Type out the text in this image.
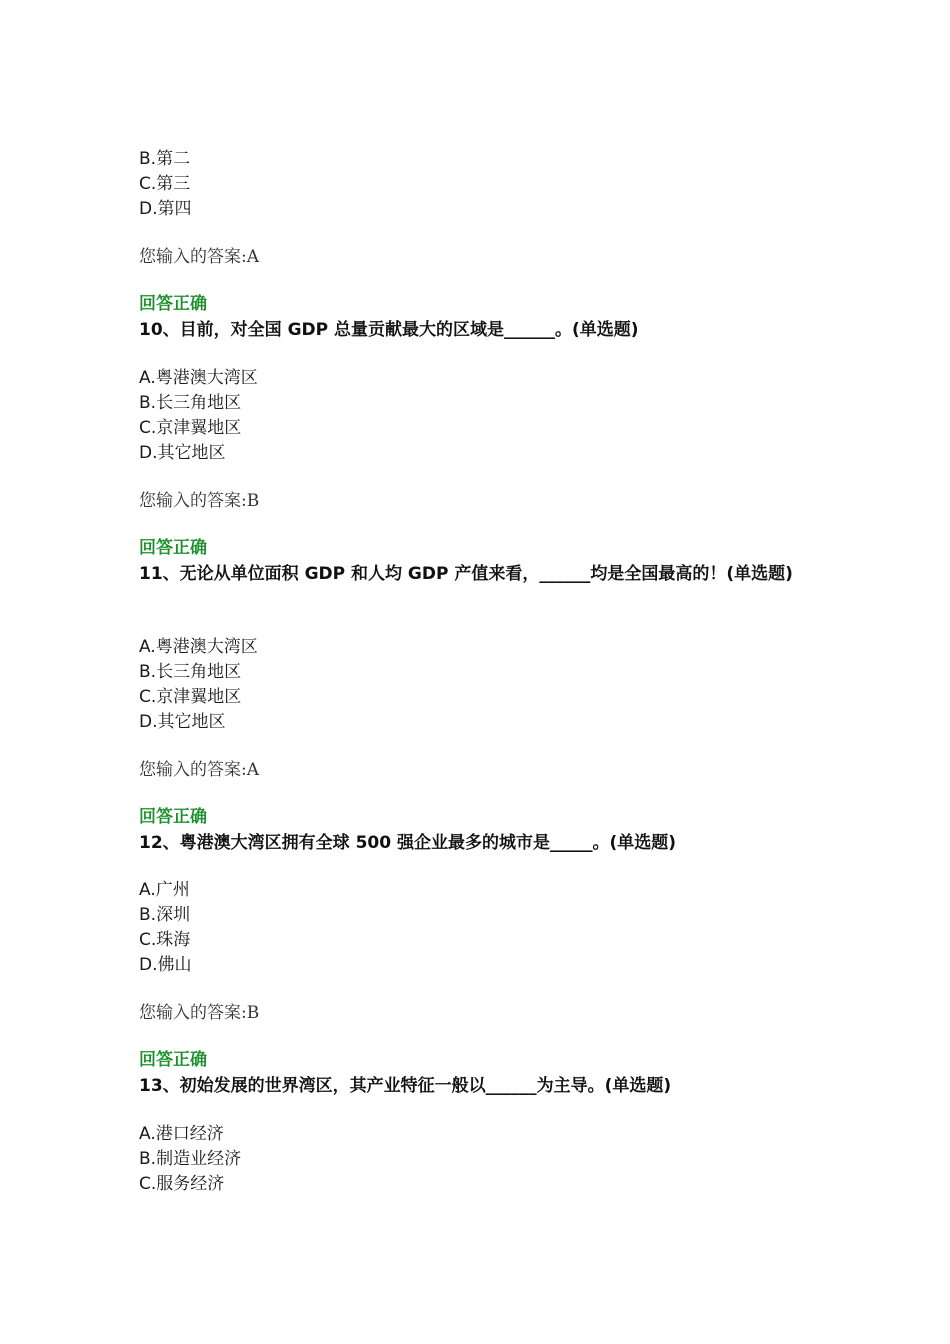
B.第二
C.第三
D.第四
您输入的答案:A
回答正确
10、目前，对全国 GDP 总量贡献最大的区域是______。(单选题)
A.粤港澳大湾区
B.长三角地区
C.京津翼地区
D.其它地区
您输入的答案:B
回答正确
11、无论从单位面积 GDP 和人均 GDP 产值来看，______均是全国最高的！(单选题)
A.粤港澳大湾区
B.长三角地区
C.京津翼地区
D.其它地区
您输入的答案:A
回答正确
12、粤港澳大湾区拥有全球 500 强企业最多的城市是_____。(单选题)
A.广州
B.深圳
C.珠海
D.佛山
您输入的答案:B
回答正确
13、初始发展的世界湾区，其产业特征一般以______为主导。(单选题)
A.港口经济
B.制造业经济
C.服务经济
